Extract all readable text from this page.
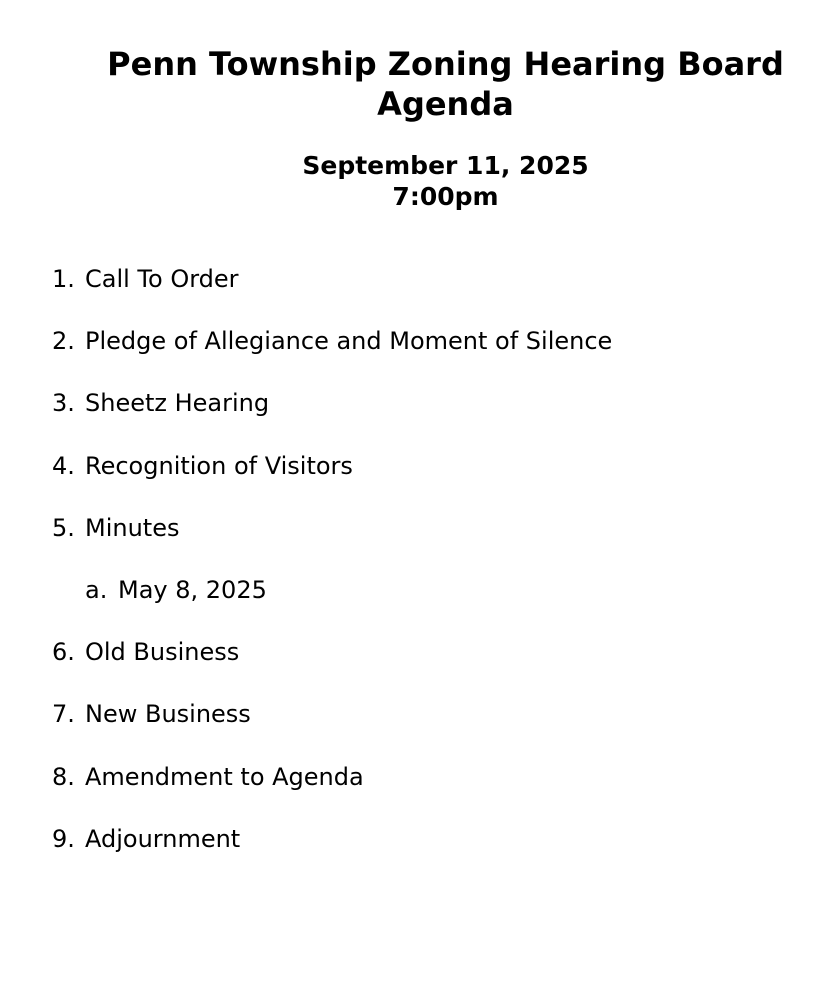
Penn Township Zoning Hearing Board
Agenda
September 11, 2025
7:00pm
1. Call To Order
2. Pledge of Allegiance and Moment of Silence
3. Sheetz Hearing
4. Recognition of Visitors
5. Minutes
a. May 8, 2025
6. Old Business
7. New Business
8. Amendment to Agenda
9. Adjournment
